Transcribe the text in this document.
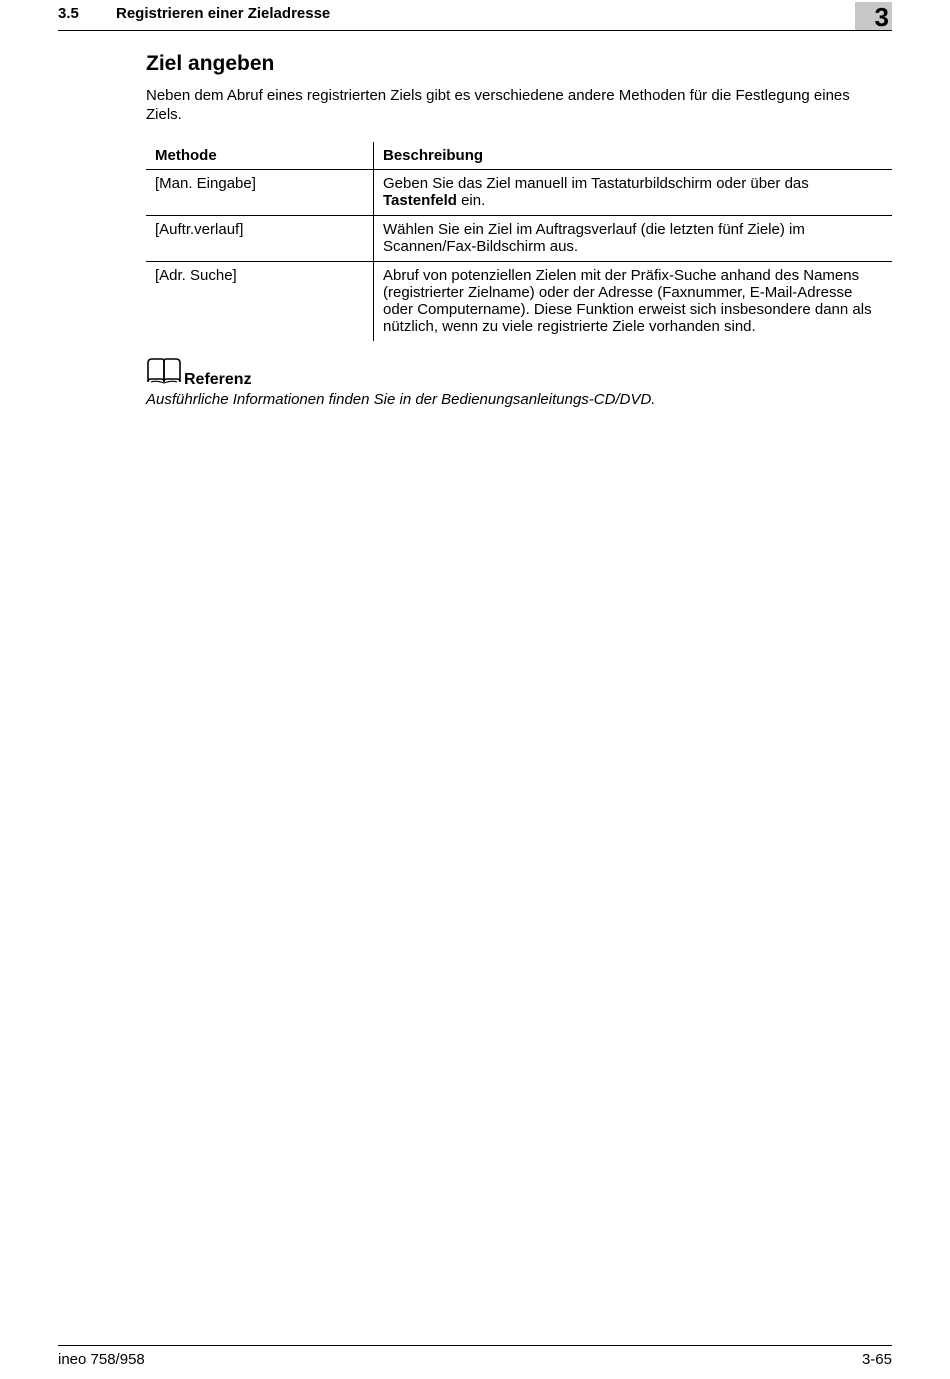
3.5 Registrieren einer Zieladresse	3
Ziel angeben

Neben dem Abruf eines registrierten Ziels gibt es verschiedene andere Methoden für die Festlegung eines Ziels.

Methode	Beschreibung
[Man. Eingabe]	Geben Sie das Ziel manuell im Tastaturbildschirm oder über das Tastenfeld ein.
[Auftr.verlauf]	Wählen Sie ein Ziel im Auftragsverlauf (die letzten fünf Ziele) im Scannen/Fax-Bildschirm aus.
[Adr. Suche]	Abruf von potenziellen Zielen mit der Präfix-Suche anhand des Namens (registrierter Zielname) oder der Adresse (Faxnummer, E-Mail-Adresse oder Computername). Diese Funktion erweist sich insbesondere dann als nützlich, wenn zu viele registrierte Ziele vorhanden sind.
Referenz
Ausführliche Informationen finden Sie in der Bedienungsanleitungs-CD/DVD.
ineo 758/958	3-65
